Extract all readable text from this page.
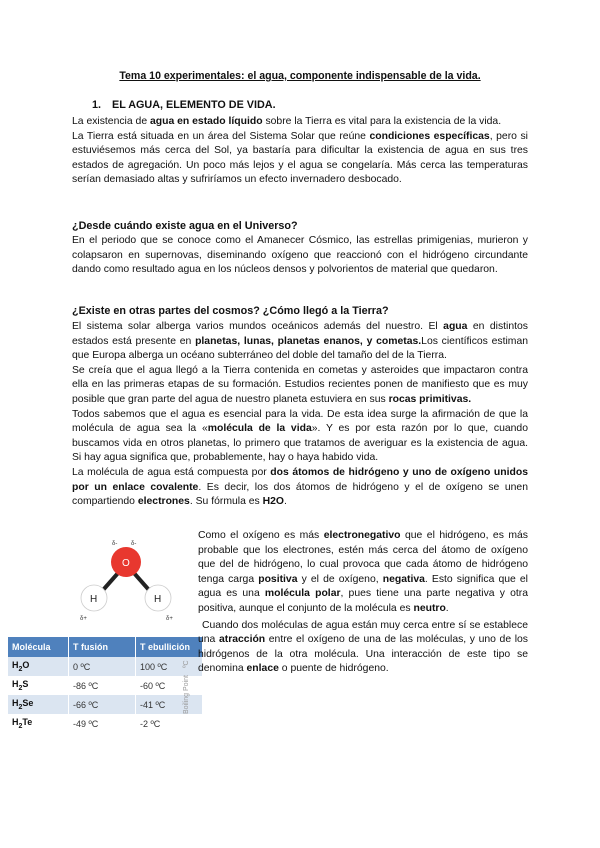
Tema 10 experimentales: el agua, componente indispensable de la vida.
1. EL AGUA, ELEMENTO DE VIDA.

La existencia de agua en estado líquido sobre la Tierra es vital para la existencia de la vida.

La Tierra está situada en un área del Sistema Solar que reúne condiciones específicas, pero si estuviésemos más cerca del Sol, ya bastaría para dificultar la existencia de agua en sus tres estados de agregación. Un poco más lejos y el agua se congelaría. Más cerca las temperaturas serían demasiado altas y sufriríamos un efecto invernadero desbocado.

¿Desde cuándo existe agua en el Universo?

En el periodo que se conoce como el Amanecer Cósmico, las estrellas primigenias, murieron y colapsaron en supernovas, diseminando oxígeno que reaccionó con el hidrógeno circundante dando como resultado agua en los núcleos densos y polvorientos de material que quedaron.

¿Existe en otras partes del cosmos? ¿Cómo llegó a la Tierra?

El sistema solar alberga varios mundos oceánicos además del nuestro. El agua en distintos estados está presente en planetas, lunas, planetas enanos, y cometas.Los científicos estiman que Europa alberga un océano subterráneo del doble del tamaño del de la Tierra.

Se creía que el agua llegó a la Tierra contenida en cometas y asteroides que impactaron contra ella en las primeras etapas de su formación. Estudios recientes ponen de manifiesto que es muy posible que gran parte del agua de nuestro planeta estuviera en sus rocas primitivas.

Todos sabemos que el agua es esencial para la vida. De esta idea surge la afirmación de que la molécula de agua sea la «molécula de la vida». Y es por esta razón por lo que, cuando buscamos vida en otros planetas, lo primero que tratamos de averiguar es la existencia de agua. Si hay agua significa que, probablemente, hay o haya habido vida.

La molécula de agua está compuesta por dos átomos de hidrógeno y uno de oxígeno unidos por un enlace covalente. Es decir, los dos átomos de hidrógeno y el de oxígeno se unen compartiendo electrones. Su fórmula es H2O.

O
H	H
δ- δ-
δ+	δ+
Molécula	T fusión	T ebullición
$H_2O$	0 ºC	100 ºC
$H_2S$	-86 ºC	-60 ºC
$H_2Se$	-66 ºC	-41 ºC
$H_2Te$	-49 ºC	-2 ºC
Boiling Point
ºC

Como el oxígeno es más electronegativo que el hidrógeno, es más probable que los electrones, estén más cerca del átomo de oxígeno que del de hidrógeno, lo cual provoca que cada átomo de hidrógeno tenga carga positiva y el de oxígeno, negativa. Esto significa que el agua es una molécula polar, pues tiene una parte negativa y otra positiva, aunque el conjunto de la molécula es neutro.

Cuando dos moléculas de agua están muy cerca entre sí se establece una atracción entre el oxígeno de una de las moléculas, y uno de los hidrógenos de la otra molécula. Una interacción de este tipo se denomina enlace o puente de hidrógeno.
